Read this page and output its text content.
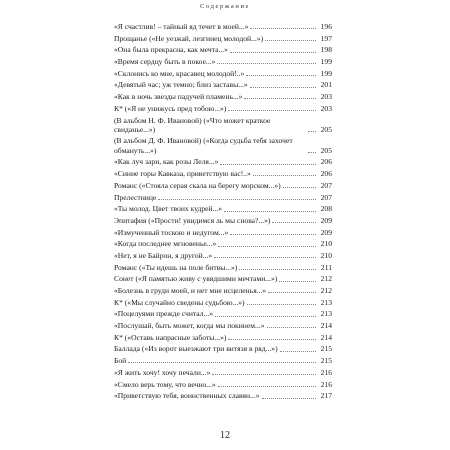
Содержание
«Я счастлив! – тайный яд течет в моей...»	196
Прощанье («Не уезжай, лезгинец молодой...»)	197
«Она была прекрасна, как мечта...»	198
«Время сердцу быть в покое...»	199
«Склонись ко мне, красавец молодой!..»	199
«Девятый час; уж темно; близ заставы...»	201
«Как в ночь звезды падучей пламень...»	203
К* («Я не унижусь пред тобою...»)	203
(В альбом Н. Ф. Ивановой) («Что может краткое свиданье...»)	205
(В альбом Д. Ф. Ивановой) («Когда судьба тебя захочет обмануть...»)	205
«Как луч зари, как розы Леля...»	206
«Синие горы Кавказа, приветствую вас!..»	206
Романс («Стояла серая скала на берегу морском...»)	207
Прелестнице	207
«Ты молод. Цвет твоих кудрей...»	208
Эпитафия («Прости! увидимся ль мы снова?...»)	209
«Измученный тоскою и недугом...»	209
«Когда последнее мгновенье...»	210
«Нет, я не Байрон, я другой...»	210
Романс («Ты идешь на поле битвы...»)	211
Сонет («Я памятью живу с увядшими мечтами...»)	212
«Болезнь в груди моей, и нет мне исцеленья...»	212
К* («Мы случайно сведены судьбою...»)	213
«Поцелуями прежде считал...»	213
«Послушай, быть может, когда мы покинем...»	214
К* («Оставь напрасные заботы...»)	214
Баллада («Из ворот выезжают три витязя в ряд...»)	215
Бой	215
«Я жить хочу! хочу печали...»	216
«Смело верь тому, что вечно...»	216
«Приветствую тебя, воинственных славян...»	217
12
